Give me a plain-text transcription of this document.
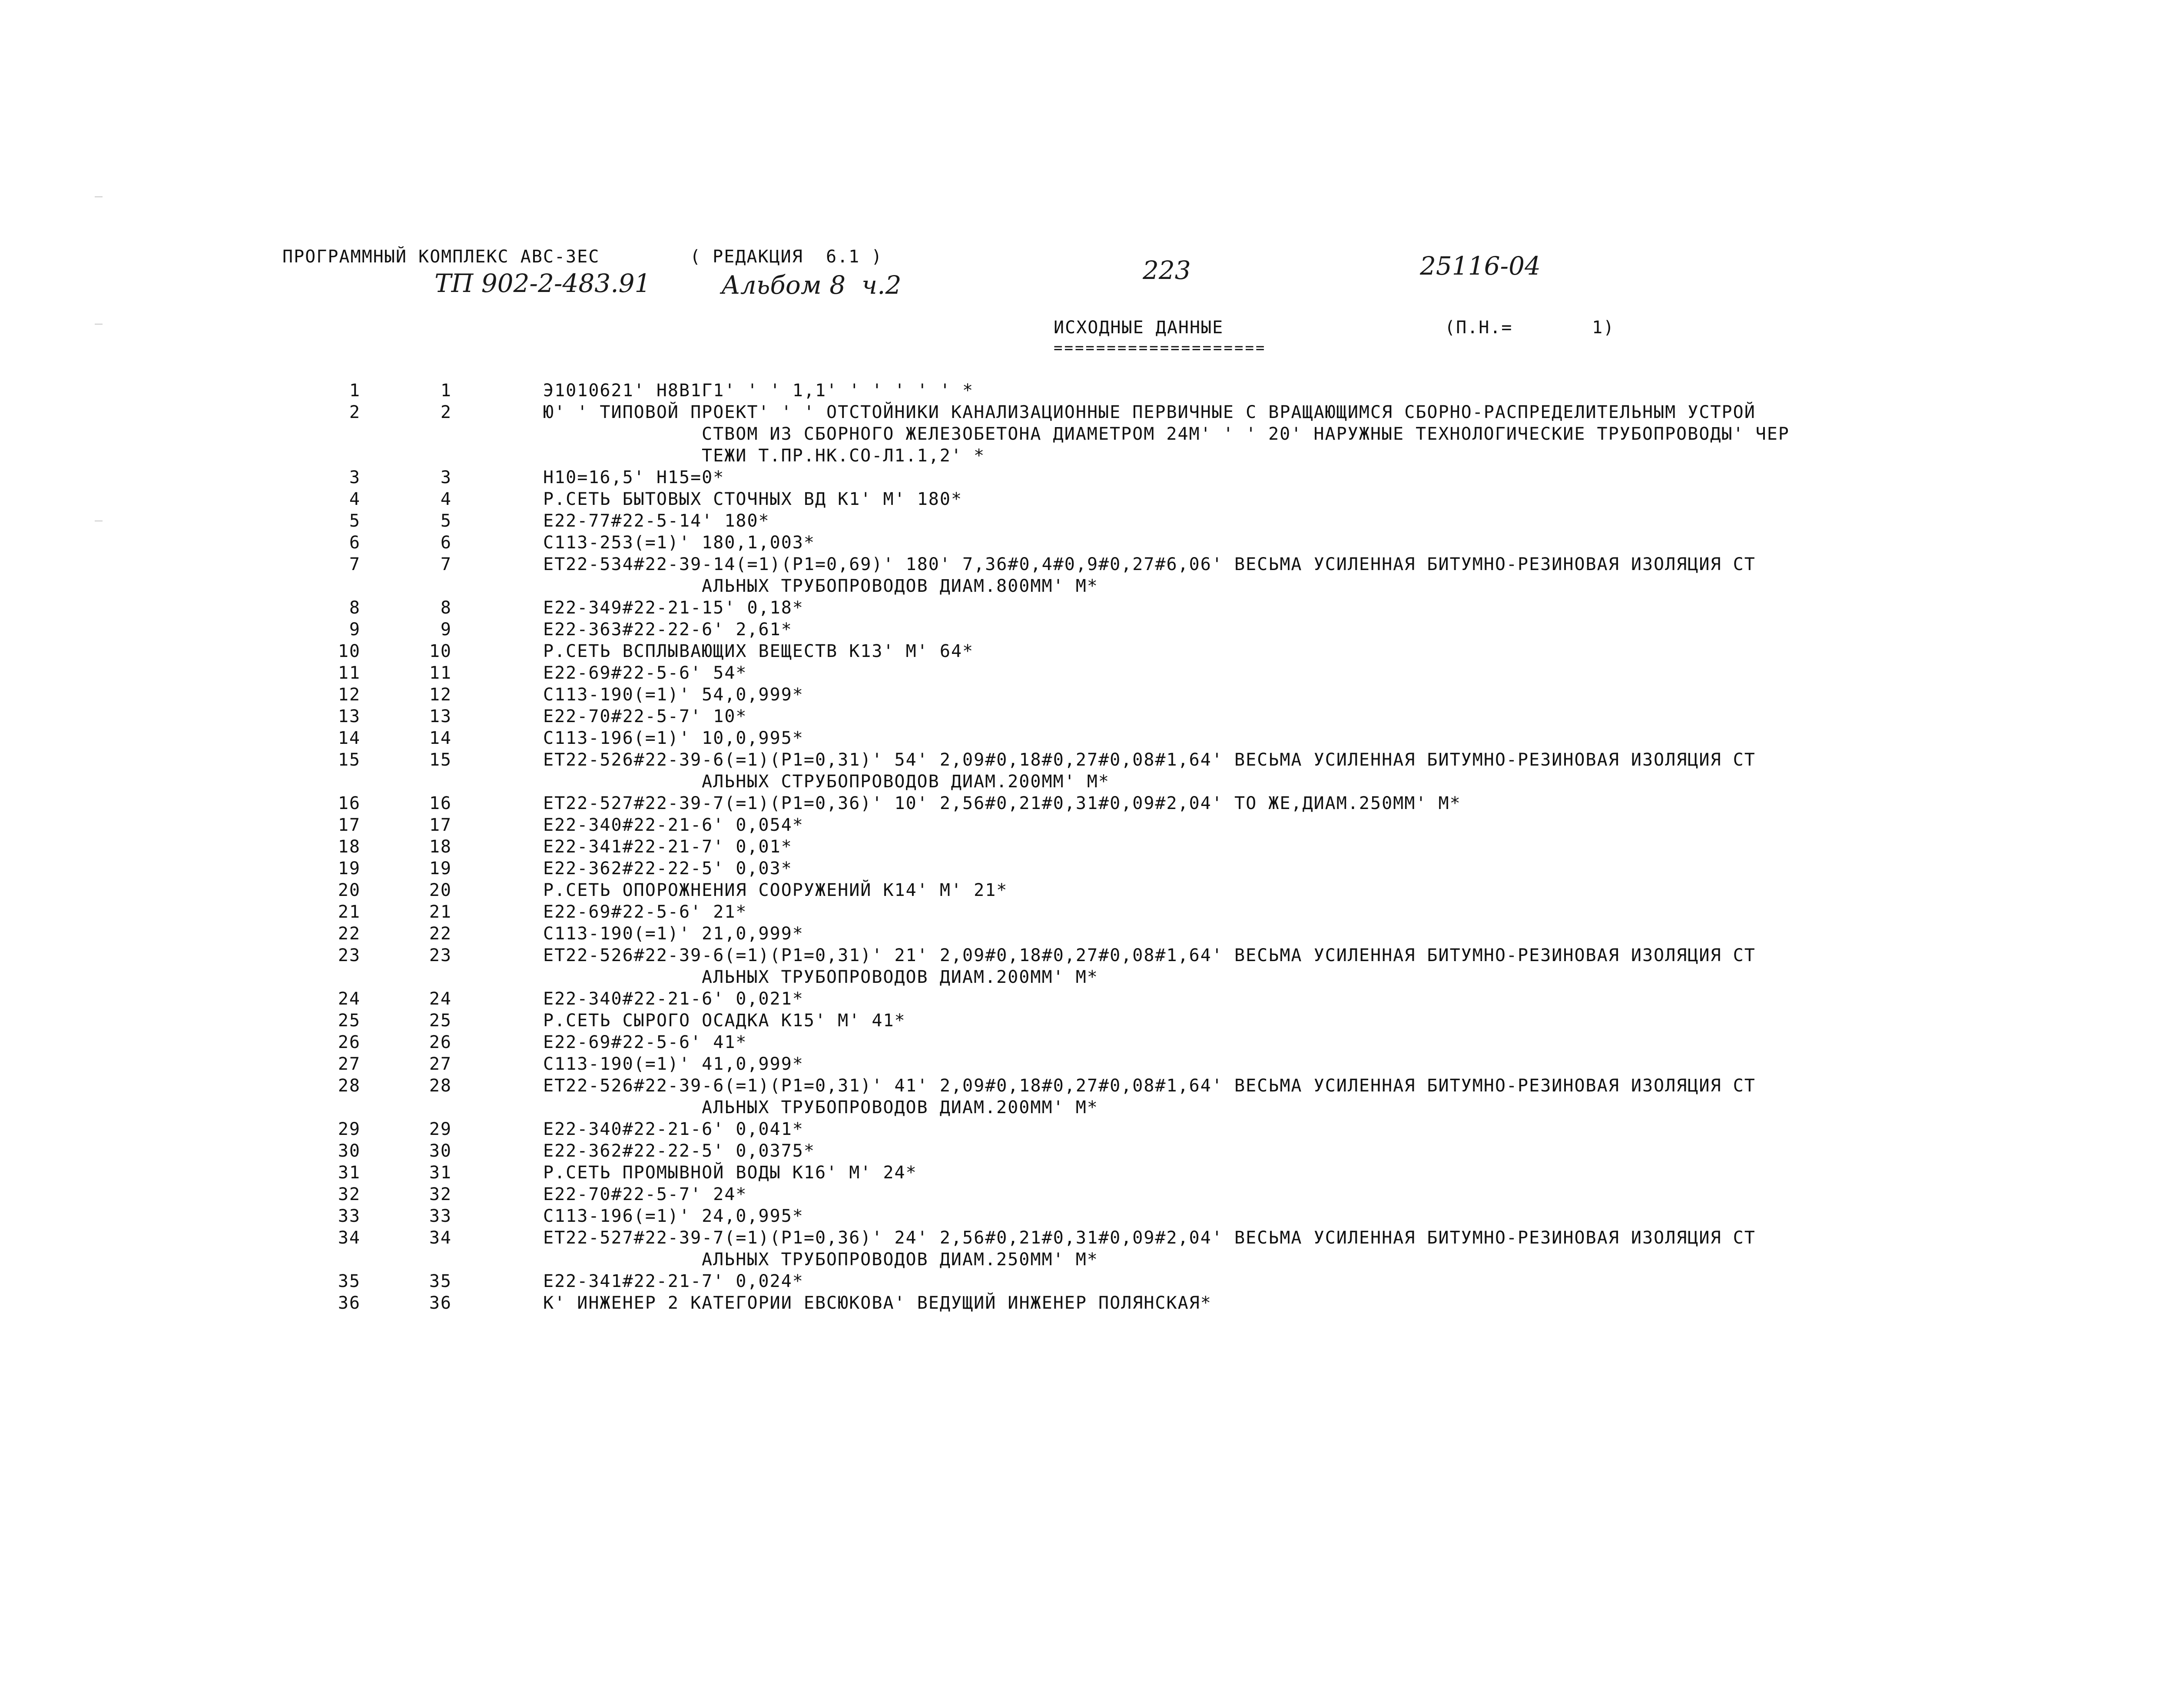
ПРОГРАММНЫЙ КОМПЛЕКС АВС-3ЕС	( РЕДАКЦИЯ  6.1 )
ТП 902-2-483.91	Альбом 8  ч.2	223	25116-04
ИСХОДНЫЕ ДАННЫЕ	(П.Н.=       1)
====================
1	1	Э1010621' Н8В1Г1' ' ' 1,1' ' ' ' ' ' *
2	2	Ю' ' ТИПОВОЙ ПРОЕКТ' ' ' ОТСТОЙНИКИ КАНАЛИЗАЦИОННЫЕ ПЕРВИЧНЫЕ С ВРАЩАЮЩИМСЯ СБОРНО-РАСПРЕДЕЛИТЕЛЬНЫМ УСТРОЙ
СТВОМ ИЗ СБОРНОГО ЖЕЛЕЗОБЕТОНА ДИАМЕТРОМ 24М' ' ' 20' НАРУЖНЫЕ ТЕХНОЛОГИЧЕСКИЕ ТРУБОПРОВОДЫ' ЧЕР
ТЕЖИ Т.ПР.НК.СО-Л1.1,2' *
3	3	Н10=16,5' Н15=0*
4	4	Р.СЕТЬ БЫТОВЫХ СТОЧНЫХ ВД К1' М' 180*
5	5	Е22-77#22-5-14' 180*
6	6	С113-253(=1)' 180,1,003*
7	7	ЕТ22-534#22-39-14(=1)(Р1=0,69)' 180' 7,36#0,4#0,9#0,27#6,06' ВЕСЬМА УСИЛЕННАЯ БИТУМНО-РЕЗИНОВАЯ ИЗОЛЯЦИЯ СТ
АЛЬНЫХ ТРУБОПРОВОДОВ ДИАМ.800ММ' М*
8	8	Е22-349#22-21-15' 0,18*
9	9	Е22-363#22-22-6' 2,61*
10	10	Р.СЕТЬ ВСПЛЫВАЮЩИХ ВЕЩЕСТВ К13' М' 64*
11	11	Е22-69#22-5-6' 54*
12	12	С113-190(=1)' 54,0,999*
13	13	Е22-70#22-5-7' 10*
14	14	С113-196(=1)' 10,0,995*
15	15	ЕТ22-526#22-39-6(=1)(Р1=0,31)' 54' 2,09#0,18#0,27#0,08#1,64' ВЕСЬМА УСИЛЕННАЯ БИТУМНО-РЕЗИНОВАЯ ИЗОЛЯЦИЯ СТ
АЛЬНЫХ СТРУБОПРОВОДОВ ДИАМ.200ММ' М*
16	16	ЕТ22-527#22-39-7(=1)(Р1=0,36)' 10' 2,56#0,21#0,31#0,09#2,04' ТО ЖЕ,ДИАМ.250ММ' М*
17	17	Е22-340#22-21-6' 0,054*
18	18	Е22-341#22-21-7' 0,01*
19	19	Е22-362#22-22-5' 0,03*
20	20	Р.СЕТЬ ОПОРОЖНЕНИЯ СООРУЖЕНИЙ К14' М' 21*
21	21	Е22-69#22-5-6' 21*
22	22	С113-190(=1)' 21,0,999*
23	23	ЕТ22-526#22-39-6(=1)(Р1=0,31)' 21' 2,09#0,18#0,27#0,08#1,64' ВЕСЬМА УСИЛЕННАЯ БИТУМНО-РЕЗИНОВАЯ ИЗОЛЯЦИЯ СТ
АЛЬНЫХ ТРУБОПРОВОДОВ ДИАМ.200ММ' М*
24	24	Е22-340#22-21-6' 0,021*
25	25	Р.СЕТЬ СЫРОГО ОСАДКА К15' М' 41*
26	26	Е22-69#22-5-6' 41*
27	27	С113-190(=1)' 41,0,999*
28	28	ЕТ22-526#22-39-6(=1)(Р1=0,31)' 41' 2,09#0,18#0,27#0,08#1,64' ВЕСЬМА УСИЛЕННАЯ БИТУМНО-РЕЗИНОВАЯ ИЗОЛЯЦИЯ СТ
АЛЬНЫХ ТРУБОПРОВОДОВ ДИАМ.200ММ' М*
29	29	Е22-340#22-21-6' 0,041*
30	30	Е22-362#22-22-5' 0,0375*
31	31	Р.СЕТЬ ПРОМЫВНОЙ ВОДЫ К16' М' 24*
32	32	Е22-70#22-5-7' 24*
33	33	С113-196(=1)' 24,0,995*
34	34	ЕТ22-527#22-39-7(=1)(Р1=0,36)' 24' 2,56#0,21#0,31#0,09#2,04' ВЕСЬМА УСИЛЕННАЯ БИТУМНО-РЕЗИНОВАЯ ИЗОЛЯЦИЯ СТ
АЛЬНЫХ ТРУБОПРОВОДОВ ДИАМ.250ММ' М*
35	35	Е22-341#22-21-7' 0,024*
36	36	К' ИНЖЕНЕР 2 КАТЕГОРИИ ЕВСЮКОВА' ВЕДУЩИЙ ИНЖЕНЕР ПОЛЯНСКАЯ*
